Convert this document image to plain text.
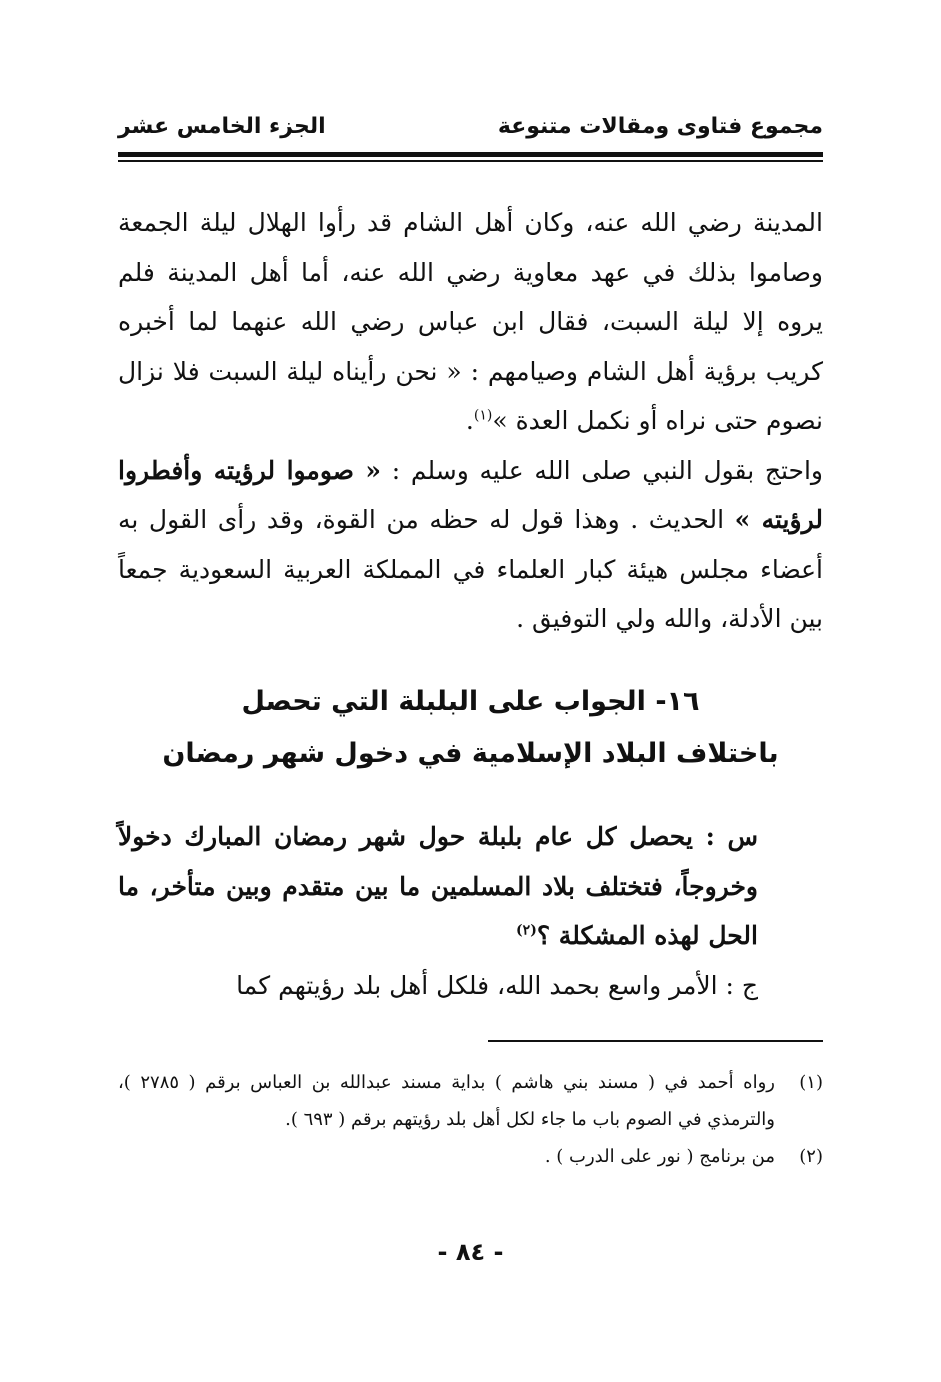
مجموع فتاوى ومقالات متنوعة
الجزء الخامس عشر

المدينة رضي الله عنه، وكان أهل الشام قد رأوا الهلال ليلة الجمعة وصاموا بذلك في عهد معاوية رضي الله عنه، أما أهل المدينة فلم يروه إلا ليلة السبت، فقال ابن عباس رضي الله عنهما لما أخبره كريب برؤية أهل الشام وصيامهم : « نحن رأيناه ليلة السبت فلا نزال نصوم حتى نراه أو نكمل العدة »$^{(١)}$.

واحتج بقول النبي صلى الله عليه وسلم : « صوموا لرؤيته وأفطروا لرؤيته » الحديث . وهذا قول له حظه من القوة، وقد رأى القول به أعضاء مجلس هيئة كبار العلماء في المملكة العربية السعودية جمعاً بين الأدلة، والله ولي التوفيق .

١٦- الجواب على البلبلة التي تحصل
باختلاف البلاد الإسلامية في دخول شهر رمضان

س : يحصل كل عام بلبلة حول شهر رمضان المبارك دخولاً وخروجاً، فتختلف بلاد المسلمين ما بين متقدم وبين متأخر، ما الحل لهذه المشكلة ؟$^{(٢)}$

ج : الأمر واسع بحمد الله، فلكل أهل بلد رؤيتهم كما

(١)
رواه أحمد في ( مسند بني هاشم ) بداية مسند عبدالله بن العباس برقم ( ٢٧٨٥ )، والترمذي في الصوم باب ما جاء لكل أهل بلد رؤيتهم برقم ( ٦٩٣ ).
(٢)
من برنامج ( نور على الدرب ) .
- ٨٤ -
